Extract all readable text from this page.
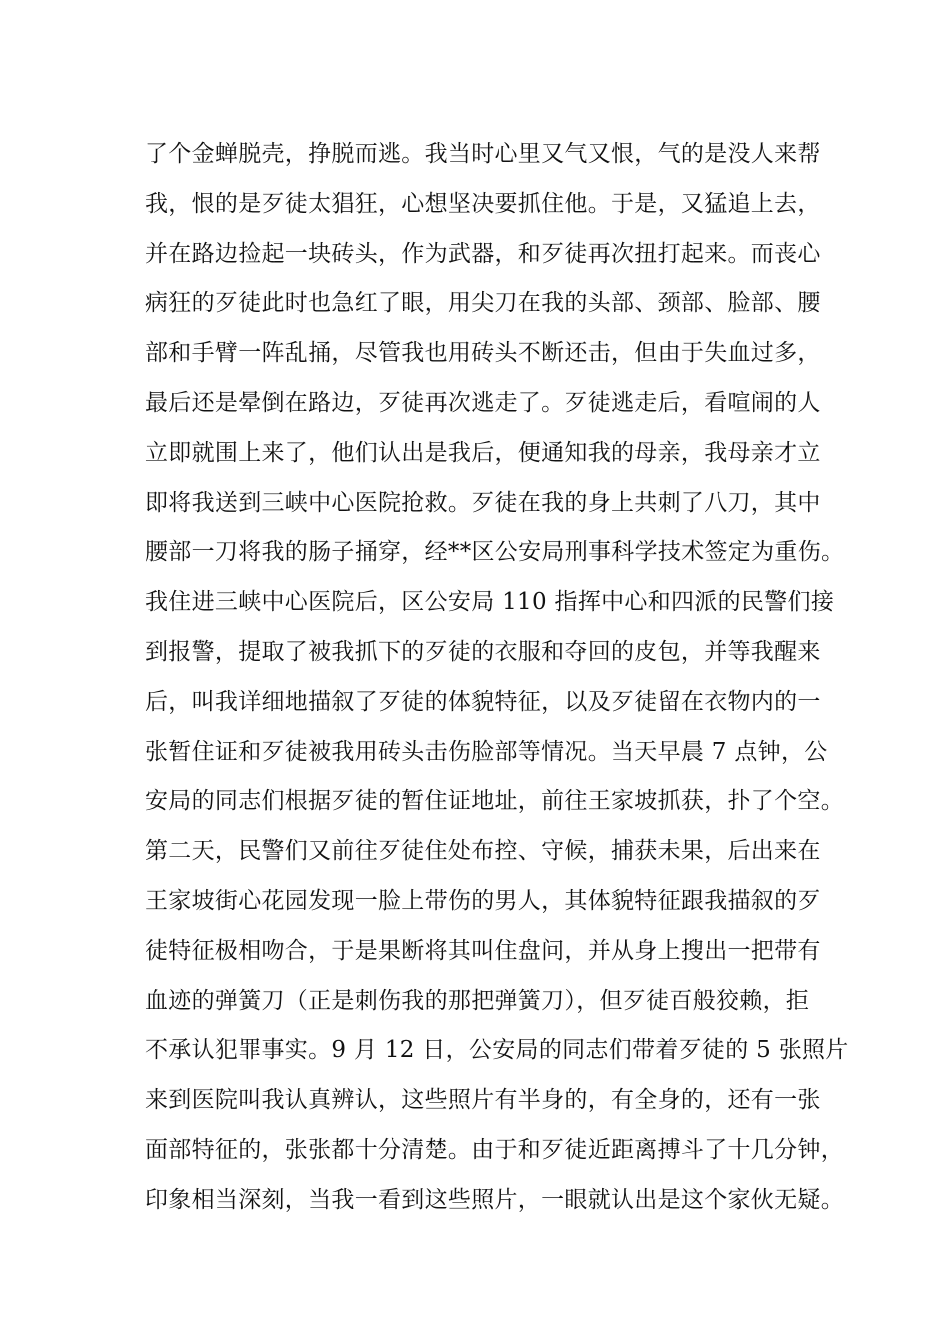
了个金蝉脱壳，挣脱而逃。我当时心里又气又恨，气的是没人来帮
我，恨的是歹徒太猖狂，心想坚决要抓住他。于是，又猛追上去，
并在路边捡起一块砖头，作为武器，和歹徒再次扭打起来。而丧心
病狂的歹徒此时也急红了眼，用尖刀在我的头部、颈部、脸部、腰
部和手臂一阵乱捅，尽管我也用砖头不断还击，但由于失血过多，
最后还是晕倒在路边，歹徒再次逃走了。歹徒逃走后，看喧闹的人
立即就围上来了，他们认出是我后，便通知我的母亲，我母亲才立
即将我送到三峡中心医院抢救。歹徒在我的身上共刺了八刀，其中
腰部一刀将我的肠子捅穿，经**区公安局刑事科学技术签定为重伤。
我住进三峡中心医院后，区公安局 110 指挥中心和四派的民警们接
到报警，提取了被我抓下的歹徒的衣服和夺回的皮包，并等我醒来
后，叫我详细地描叙了歹徒的体貌特征，以及歹徒留在衣物内的一
张暂住证和歹徒被我用砖头击伤脸部等情况。当天早晨 7 点钟，公
安局的同志们根据歹徒的暂住证地址，前往王家坡抓获，扑了个空。
第二天，民警们又前往歹徒住处布控、守候，捕获未果，后出来在
王家坡街心花园发现一脸上带伤的男人，其体貌特征跟我描叙的歹
徒特征极相吻合，于是果断将其叫住盘问，并从身上搜出一把带有
血迹的弹簧刀（正是刺伤我的那把弹簧刀），但歹徒百般狡赖，拒
不承认犯罪事实。9 月 12 日，公安局的同志们带着歹徒的 5 张照片
来到医院叫我认真辨认，这些照片有半身的，有全身的，还有一张
面部特征的，张张都十分清楚。由于和歹徒近距离搏斗了十几分钟，
印象相当深刻，当我一看到这些照片，一眼就认出是这个家伙无疑。
